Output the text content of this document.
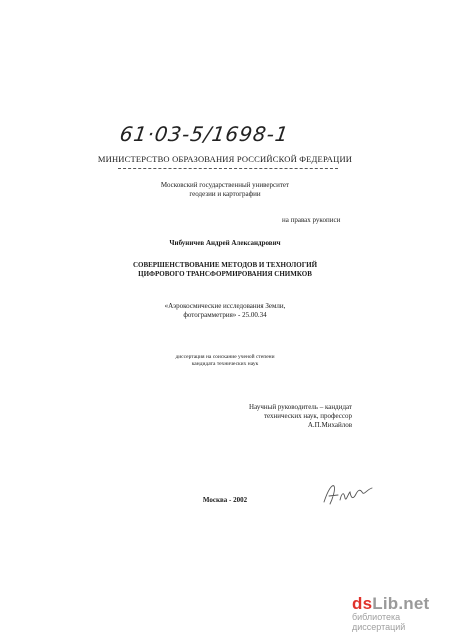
61·03-5/1698-1
МИНИСТЕРСТВО ОБРАЗОВАНИЯ РОССИЙСКОЙ ФЕДЕРАЦИИ
Московский государственный университет
геодезии и картографии
на правах рукописи
Чибуничев Андрей Александрович
СОВЕРШЕНСТВОВАНИЕ МЕТОДОВ И ТЕХНОЛОГИЙ
ЦИФРОВОГО ТРАНСФОРМИРОВАНИЯ СНИМКОВ
«Аэрокосмические исследования Земли,
фотограмметрия» - 25.00.34
диссертация на соискание ученой степени
кандидата технических наук
Научный руководитель – кандидат
технических наук, профессор
А.П.Михайлов
Москва - 2002
dsLib.net
библиотека диссертаций
